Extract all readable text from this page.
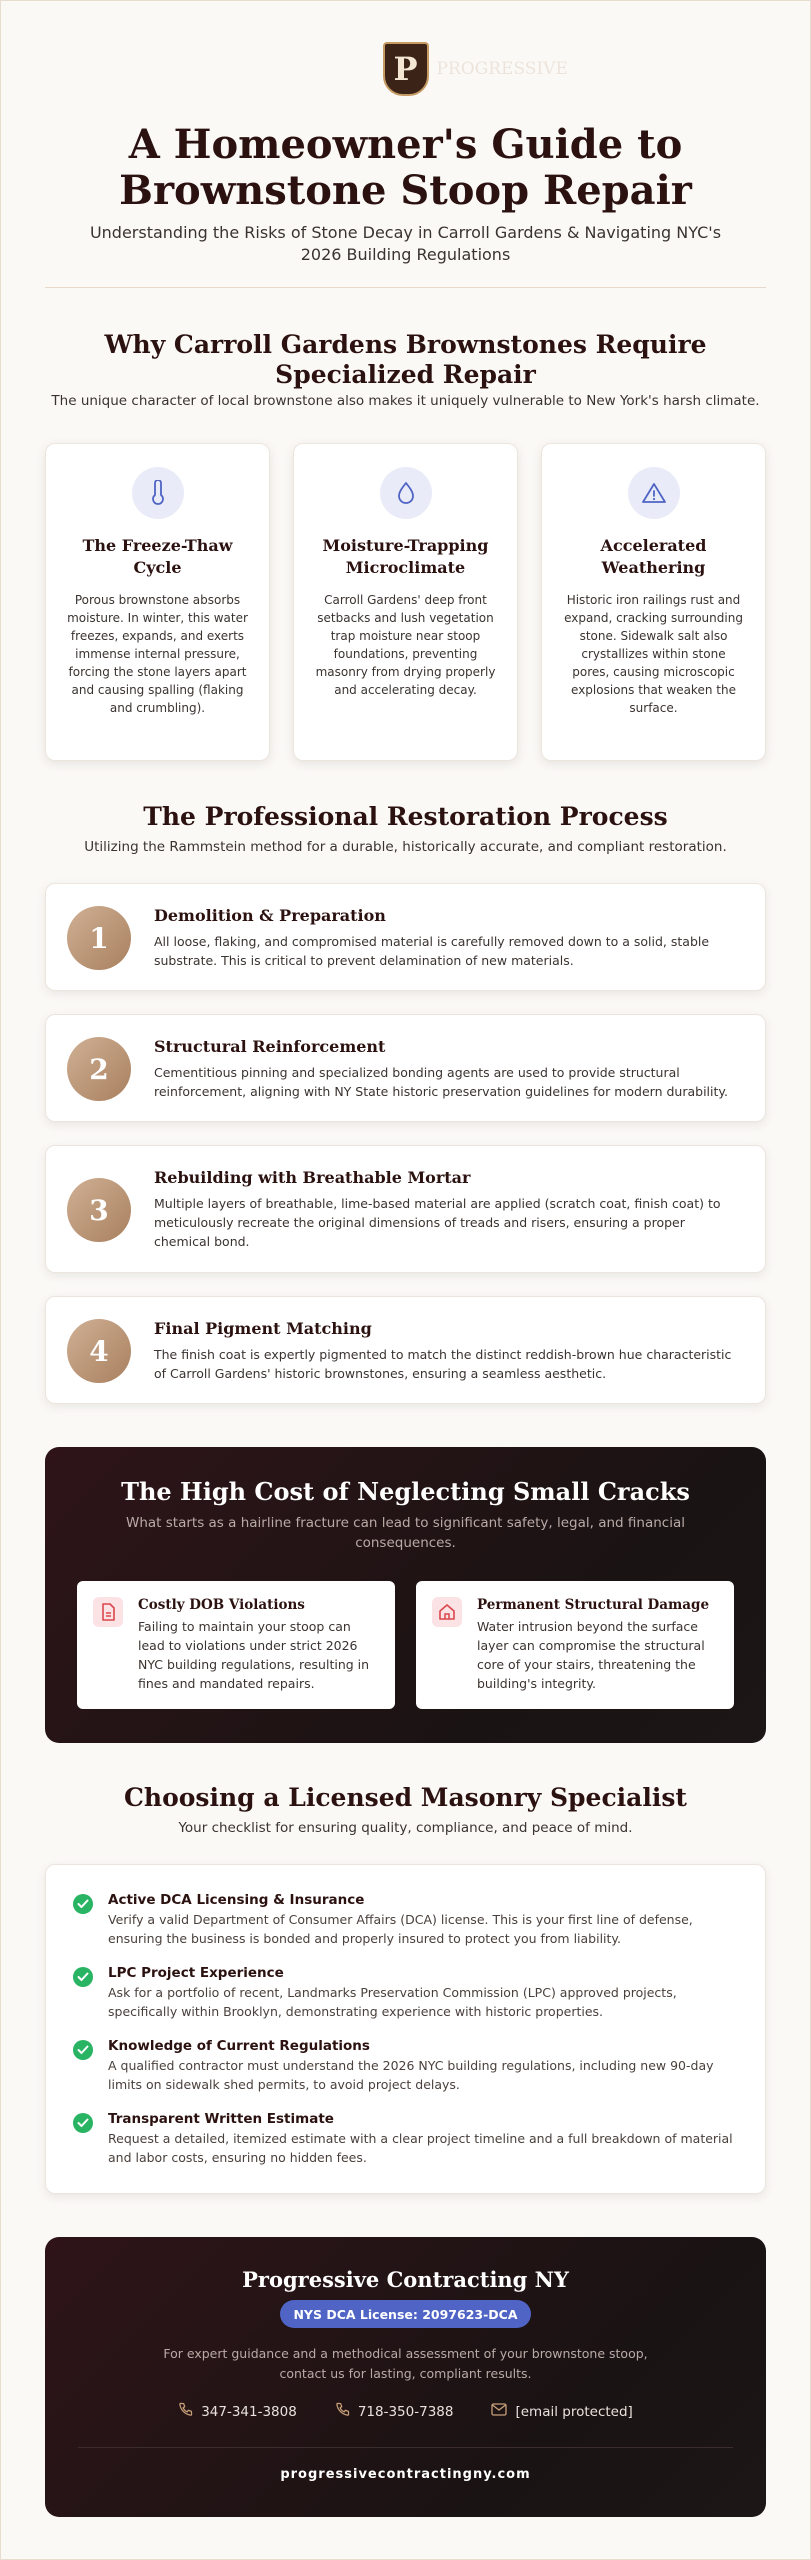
P	PROGRESSIVE
A Homeowner's Guide to
Brownstone Stoop Repair
Understanding the Risks of Stone Decay in Carroll Gardens & Navigating NYC's 2026 Building Regulations
Why Carroll Gardens Brownstones Require Specialized Repair
The unique character of local brownstone also makes it uniquely vulnerable to New York's harsh climate.
The Freeze-Thaw Cycle

Porous brownstone absorbs moisture. In winter, this water freezes, expands, and exerts immense internal pressure, forcing the stone layers apart and causing spalling (flaking and crumbling).

Moisture-Trapping Microclimate

Carroll Gardens' deep front setbacks and lush vegetation trap moisture near stoop foundations, preventing masonry from drying properly and accelerating decay.

Accelerated Weathering

Historic iron railings rust and expand, cracking surrounding stone. Sidewalk salt also crystallizes within stone pores, causing microscopic explosions that weaken the surface.

The Professional Restoration Process
Utilizing the Rammstein method for a durable, historically accurate, and compliant restoration.
1
Demolition & Preparation

All loose, flaking, and compromised material is carefully removed down to a solid, stable substrate. This is critical to prevent delamination of new materials.

2
Structural Reinforcement

Cementitious pinning and specialized bonding agents are used to provide structural reinforcement, aligning with NY State historic preservation guidelines for modern durability.

3
Rebuilding with Breathable Mortar

Multiple layers of breathable, lime-based material are applied (scratch coat, finish coat) to meticulously recreate the original dimensions of treads and risers, ensuring a proper chemical bond.

4
Final Pigment Matching

The finish coat is expertly pigmented to match the distinct reddish-brown hue characteristic of Carroll Gardens' historic brownstones, ensuring a seamless aesthetic.

The High Cost of Neglecting Small Cracks
What starts as a hairline fracture can lead to significant safety, legal, and financial consequences.
Costly DOB Violations

Failing to maintain your stoop can lead to violations under strict 2026 NYC building regulations, resulting in fines and mandated repairs.

Permanent Structural Damage

Water intrusion beyond the surface layer can compromise the structural core of your stairs, threatening the building's integrity.

Choosing a Licensed Masonry Specialist
Your checklist for ensuring quality, compliance, and peace of mind.
Active DCA Licensing & Insurance

Verify a valid Department of Consumer Affairs (DCA) license. This is your first line of defense, ensuring the business is bonded and properly insured to protect you from liability.

LPC Project Experience

Ask for a portfolio of recent, Landmarks Preservation Commission (LPC) approved projects, specifically within Brooklyn, demonstrating experience with historic properties.

Knowledge of Current Regulations

A qualified contractor must understand the 2026 NYC building regulations, including new 90-day limits on sidewalk shed permits, to avoid project delays.

Transparent Written Estimate

Request a detailed, itemized estimate with a clear project timeline and a full breakdown of material and labor costs, ensuring no hidden fees.

Progressive Contracting NY
NYS DCA License: 2097623-DCA
For expert guidance and a methodical assessment of your brownstone stoop, contact us for lasting, compliant results.
347-341-3808	718-350-7388	[email protected]
progressivecontractingny.com
